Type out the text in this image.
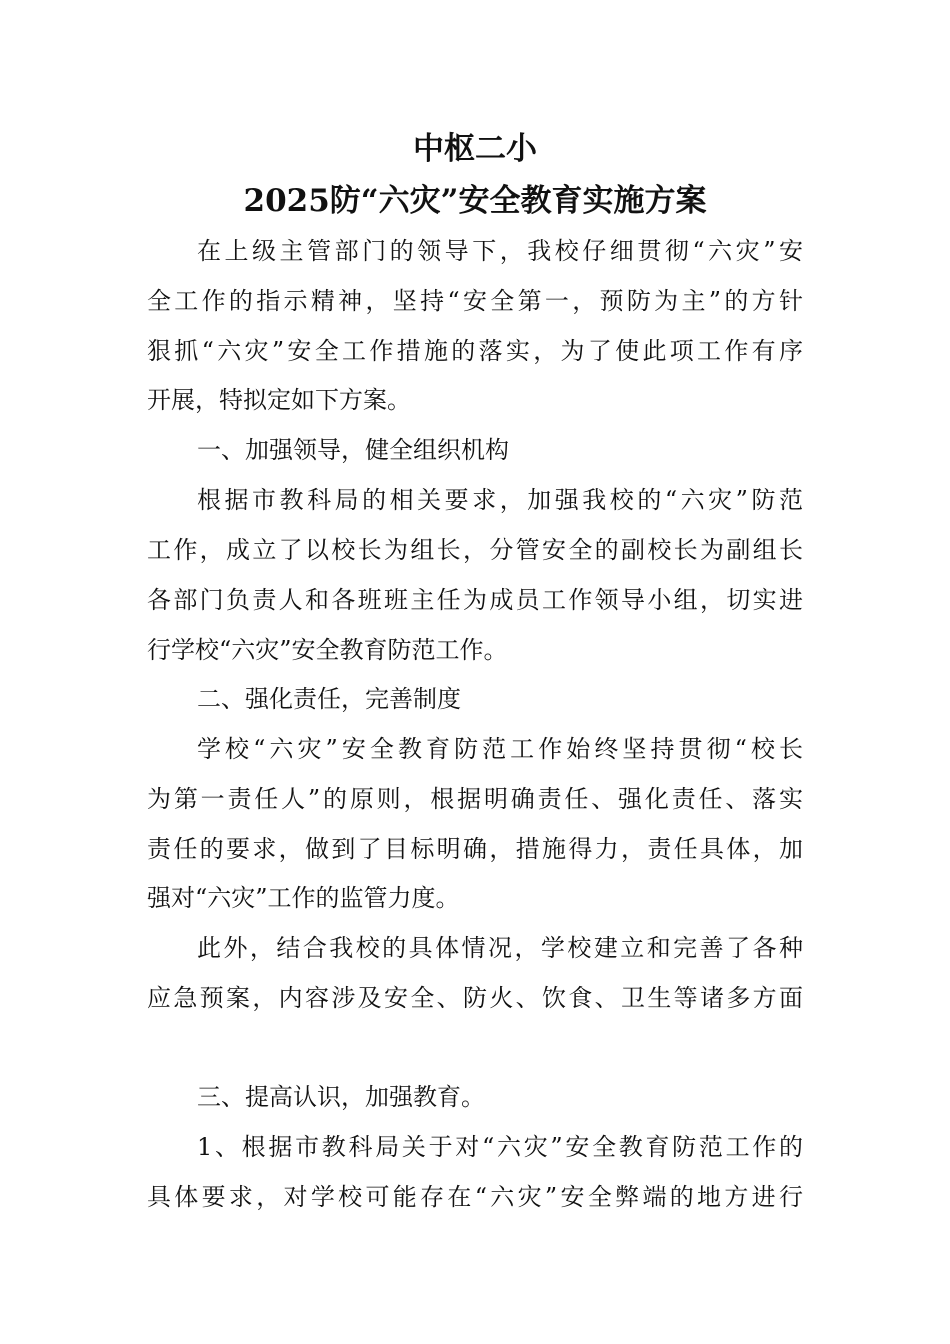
中枢二小
2025防“六灾”安全教育实施方案
在上级主管部门的领导下，我校仔细贯彻“六灾”安
全工作的指示精神，坚持“安全第一，预防为主”的方针
狠抓“六灾”安全工作措施的落实，为了使此项工作有序
开展，特拟定如下方案。
一、加强领导，健全组织机构
根据市教科局的相关要求，加强我校的“六灾”防范
工作，成立了以校长为组长，分管安全的副校长为副组长
各部门负责人和各班班主任为成员工作领导小组，切实进
行学校“六灾”安全教育防范工作。
二、强化责任，完善制度
学校“六灾”安全教育防范工作始终坚持贯彻“校长
为第一责任人”的原则，根据明确责任、强化责任、落实
责任的要求，做到了目标明确，措施得力，责任具体，加
强对“六灾”工作的监管力度。
此外，结合我校的具体情况，学校建立和完善了各种
应急预案，内容涉及安全、防火、饮食、卫生等诸多方面
三、提高认识，加强教育。
1、根据市教科局关于对“六灾”安全教育防范工作的
具体要求，对学校可能存在“六灾”安全弊端的地方进行
